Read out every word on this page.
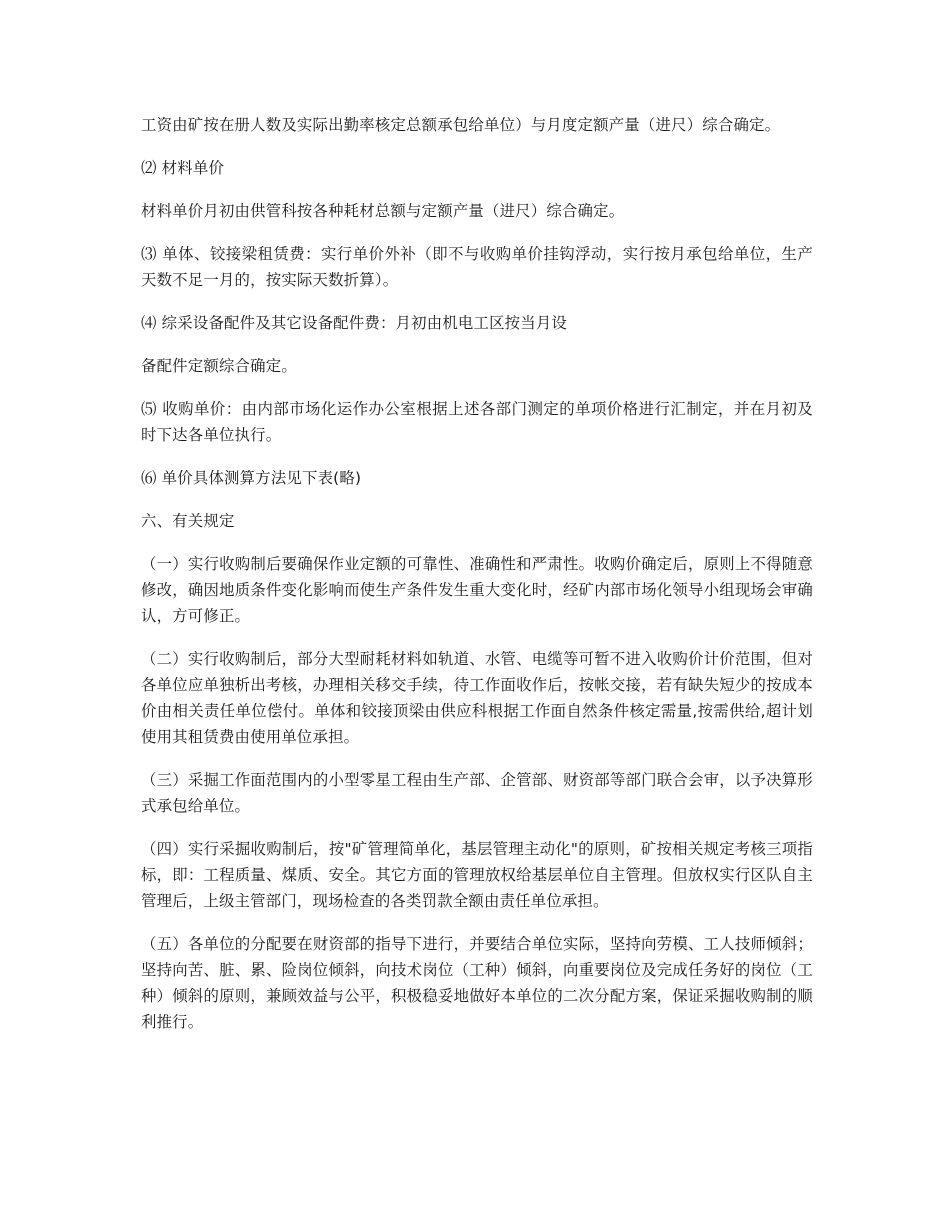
工资由矿按在册人数及实际出勤率核定总额承包给单位）与月度定额产量（进尺）综合确定。

⑵ 材料单价

材料单价月初由供管科按各种耗材总额与定额产量（进尺）综合确定。

⑶ 单体、铰接梁租赁费：实行单价外补（即不与收购单价挂钩浮动，实行按月承包给单位，生产天数不足一月的，按实际天数折算）。

⑷ 综采设备配件及其它设备配件费：月初由机电工区按当月设

备配件定额综合确定。

⑸ 收购单价：由内部市场化运作办公室根据上述各部门测定的单项价格进行汇制定，并在月初及时下达各单位执行。

⑹ 单价具体测算方法见下表(略)

六、有关规定

（一）实行收购制后要确保作业定额的可靠性、准确性和严肃性。收购价确定后，原则上不得随意修改，确因地质条件变化影响而使生产条件发生重大变化时，经矿内部市场化领导小组现场会审确认，方可修正。

（二）实行收购制后，部分大型耐耗材料如轨道、水管、电缆等可暂不进入收购价计价范围，但对各单位应单独析出考核，办理相关移交手续，待工作面收作后，按帐交接，若有缺失短少的按成本价由相关责任单位偿付。单体和铰接顶梁由供应科根据工作面自然条件核定需量,按需供给,超计划使用其租赁费由使用单位承担。

（三）采掘工作面范围内的小型零星工程由生产部、企管部、财资部等部门联合会审，以予决算形式承包给单位。

（四）实行采掘收购制后，按"矿管理简单化，基层管理主动化"的原则，矿按相关规定考核三项指标，即：工程质量、煤质、安全。其它方面的管理放权给基层单位自主管理。但放权实行区队自主管理后，上级主管部门，现场检查的各类罚款全额由责任单位承担。

（五）各单位的分配要在财资部的指导下进行，并要结合单位实际，坚持向劳模、工人技师倾斜；坚持向苦、脏、累、险岗位倾斜，向技术岗位（工种）倾斜，向重要岗位及完成任务好的岗位（工种）倾斜的原则，兼顾效益与公平，积极稳妥地做好本单位的二次分配方案，保证采掘收购制的顺利推行。
